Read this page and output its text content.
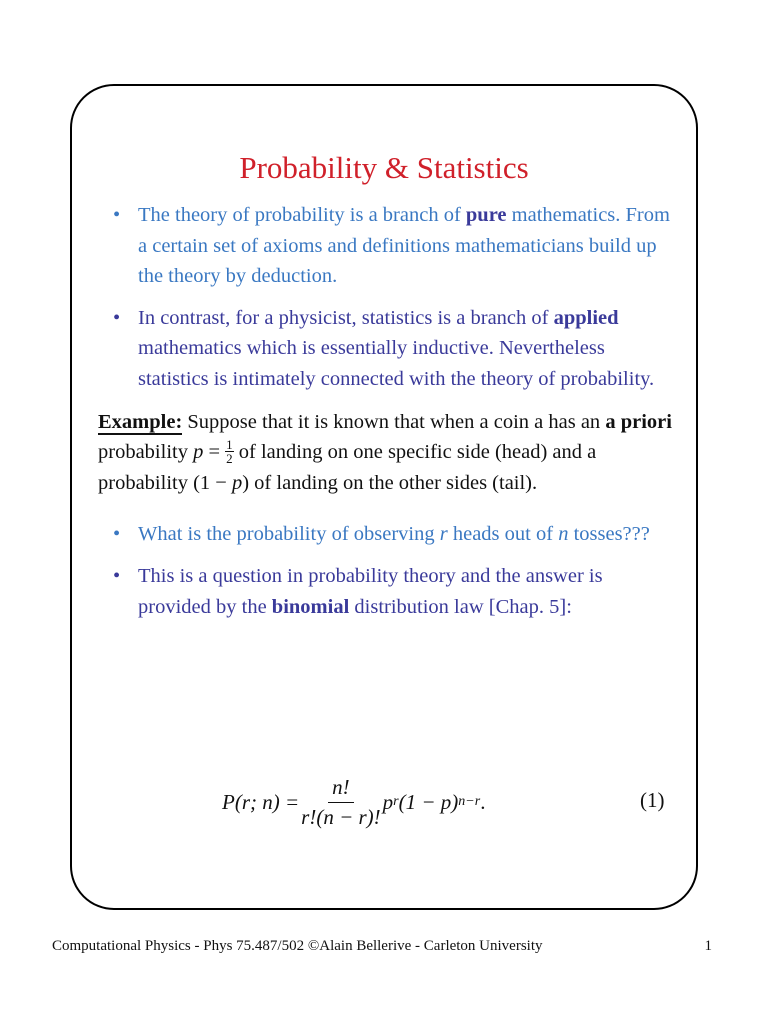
Probability & Statistics

• The theory of probability is a branch of pure mathematics. From a certain set of axioms and definitions mathematicians build up the theory by deduction.

• In contrast, for a physicist, statistics is a branch of applied mathematics which is essentially inductive. Nevertheless statistics is intimately connected with the theory of probability.

Example: Suppose that it is known that when a coin a has an a priori probability $p = \frac{1}{2}$ of landing on one specific side (head) and a probability (1 − p) of landing on the other sides (tail).

• What is the probability of observing r heads out of n tosses???

• This is a question in probability theory and the answer is provided by the binomial distribution law [Chap. 5]:

P(r; $n) = \frac{n!}{r!(n - r)!}$ p r (1 − p) n−r .	(1)
Computational Physics - Phys 75.487/502 ©Alain Bellerive - Carleton University	1
